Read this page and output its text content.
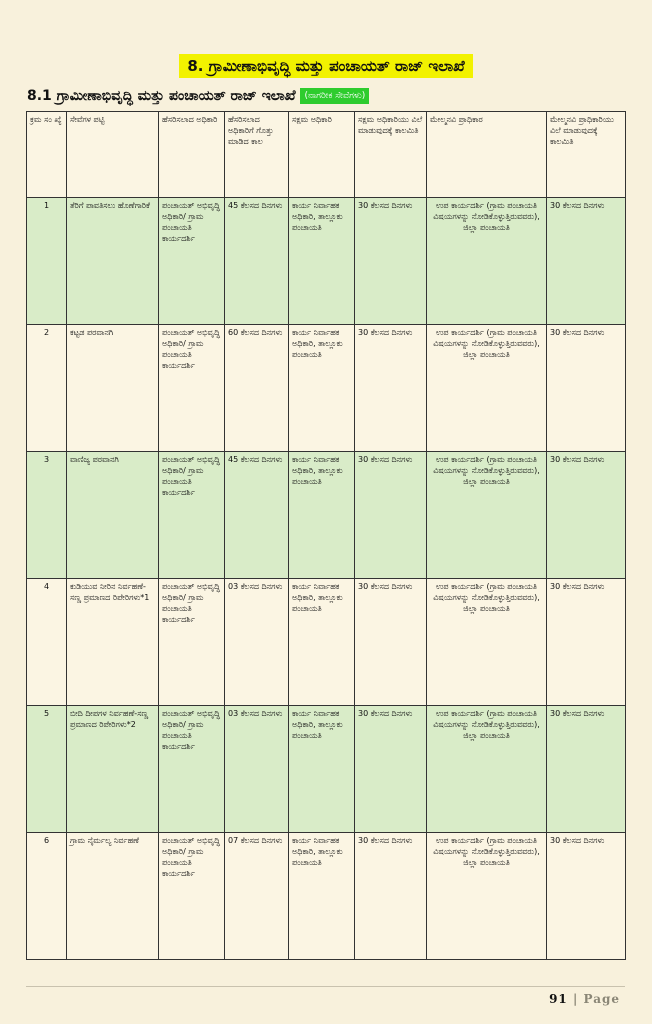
8. ಗ್ರಾಮೀಣಾಭಿವೃದ್ಧಿ ಮತ್ತು ಪಂಚಾಯತ್ ರಾಜ್ ಇಲಾಖೆ
8.1 ಗ್ರಾಮೀಣಾಭಿವೃದ್ಧಿ ಮತ್ತು ಪಂಚಾಯತ್ ರಾಜ್ ಇಲಾಖೆ (ನಾಗರೀಕ ಸೇವೆಗಳು)
ಕ್ರಮ ಸಂ ಖ್ಯೆ	ಸೇವೆಗಳ ಪಟ್ಟಿ	ಹೆಸರಿಸಲಾದ ಅಧಿಕಾರಿ	ಹೆಸರಿಸಲಾದ ಅಧಿಕಾರಿಗೆ ಗೊತ್ತು ಮಾಡಿದ ಕಾಲ	ಸಕ್ಷಮ ಅಧಿಕಾರಿ	ಸಕ್ಷಮ ಅಧಿಕಾರಿಯು ವಿಲೆ ಮಾಡುವುದಕ್ಕೆ ಕಾಲಮಿತಿ	ಮೇಲ್ಮನವಿ ಪ್ರಾಧಿಕಾರ	ಮೇಲ್ಮನವಿ ಪ್ರಾಧಿಕಾರಿಯು ವಿಲೆ ಮಾಡುವುದಕ್ಕೆ ಕಾಲಮಿತಿ
1	ತೆರಿಗೆ ಪಾವತಿಸಲು ಹೊಣೆಗಾರಿಕೆ	ಪಂಚಾಯತ್ ಅಭಿವೃದ್ಧಿ ಅಧಿಕಾರಿ/ ಗ್ರಾಮ ಪಂಚಾಯತಿ ಕಾರ್ಯದರ್ಶಿ	45 ಕೆಲಸದ ದಿನಗಳು	ಕಾರ್ಯ ನಿರ್ವಾಹಕ ಅಧಿಕಾರಿ, ತಾಲ್ಲೂಕು ಪಂಚಾಯತಿ	30 ಕೆಲಸದ ದಿನಗಳು	ಉಪ ಕಾರ್ಯದರ್ಶಿ (ಗ್ರಾಮ ಪಂಚಾಯತಿ ವಿಷಯಗಳನ್ನು ನೋಡಿಕೊಳ್ಳುತ್ತಿರುವವರು), ಜಿಲ್ಲಾ ಪಂಚಾಯತಿ	30 ಕೆಲಸದ ದಿನಗಳು
2	ಕಟ್ಟಡ ಪರವಾನಗಿ	ಪಂಚಾಯತ್ ಅಭಿವೃದ್ಧಿ ಅಧಿಕಾರಿ/ ಗ್ರಾಮ ಪಂಚಾಯತಿ ಕಾರ್ಯದರ್ಶಿ	60 ಕೆಲಸದ ದಿನಗಳು	ಕಾರ್ಯ ನಿರ್ವಾಹಕ ಅಧಿಕಾರಿ, ತಾಲ್ಲೂಕು ಪಂಚಾಯತಿ	30 ಕೆಲಸದ ದಿನಗಳು	ಉಪ ಕಾರ್ಯದರ್ಶಿ (ಗ್ರಾಮ ಪಂಚಾಯತಿ ವಿಷಯಗಳನ್ನು ನೋಡಿಕೊಳ್ಳುತ್ತಿರುವವರು), ಜಿಲ್ಲಾ ಪಂಚಾಯತಿ	30 ಕೆಲಸದ ದಿನಗಳು
3	ವಾಣಿಜ್ಯ ಪರವಾನಗಿ	ಪಂಚಾಯತ್ ಅಭಿವೃದ್ಧಿ ಅಧಿಕಾರಿ/ ಗ್ರಾಮ ಪಂಚಾಯತಿ ಕಾರ್ಯದರ್ಶಿ	45 ಕೆಲಸದ ದಿನಗಳು	ಕಾರ್ಯ ನಿರ್ವಾಹಕ ಅಧಿಕಾರಿ, ತಾಲ್ಲೂಕು ಪಂಚಾಯತಿ	30 ಕೆಲಸದ ದಿನಗಳು	ಉಪ ಕಾರ್ಯದರ್ಶಿ (ಗ್ರಾಮ ಪಂಚಾಯತಿ ವಿಷಯಗಳನ್ನು ನೋಡಿಕೊಳ್ಳುತ್ತಿರುವವರು), ಜಿಲ್ಲಾ ಪಂಚಾಯತಿ	30 ಕೆಲಸದ ದಿನಗಳು
4	ಕುಡಿಯುವ ನೀರಿನ ನಿರ್ವಹಣೆ- ಸಣ್ಣ ಪ್ರಮಾಣದ ರಿಪೇರಿಗಳು*1	ಪಂಚಾಯತ್ ಅಭಿವೃದ್ಧಿ ಅಧಿಕಾರಿ/ ಗ್ರಾಮ ಪಂಚಾಯತಿ ಕಾರ್ಯದರ್ಶಿ	03 ಕೆಲಸದ ದಿನಗಳು	ಕಾರ್ಯ ನಿರ್ವಾಹಕ ಅಧಿಕಾರಿ, ತಾಲ್ಲೂಕು ಪಂಚಾಯತಿ	30 ಕೆಲಸದ ದಿನಗಳು	ಉಪ ಕಾರ್ಯದರ್ಶಿ (ಗ್ರಾಮ ಪಂಚಾಯತಿ ವಿಷಯಗಳನ್ನು ನೋಡಿಕೊಳ್ಳುತ್ತಿರುವವರು), ಜಿಲ್ಲಾ ಪಂಚಾಯತಿ	30 ಕೆಲಸದ ದಿನಗಳು
5	ಬೀದಿ ದೀಪಗಳ ನಿರ್ವಹಣೆ-ಸಣ್ಣ ಪ್ರಮಾಣದ ರಿಪೇರಿಗಳು*2	ಪಂಚಾಯತ್ ಅಭಿವೃದ್ಧಿ ಅಧಿಕಾರಿ/ ಗ್ರಾಮ ಪಂಚಾಯತಿ ಕಾರ್ಯದರ್ಶಿ	03 ಕೆಲಸದ ದಿನಗಳು	ಕಾರ್ಯ ನಿರ್ವಾಹಕ ಅಧಿಕಾರಿ, ತಾಲ್ಲೂಕು ಪಂಚಾಯತಿ	30 ಕೆಲಸದ ದಿನಗಳು	ಉಪ ಕಾರ್ಯದರ್ಶಿ (ಗ್ರಾಮ ಪಂಚಾಯತಿ ವಿಷಯಗಳನ್ನು ನೋಡಿಕೊಳ್ಳುತ್ತಿರುವವರು), ಜಿಲ್ಲಾ ಪಂಚಾಯತಿ	30 ಕೆಲಸದ ದಿನಗಳು
6	ಗ್ರಾಮ ನೈರ್ಮಲ್ಯ ನಿರ್ವಹಣೆ	ಪಂಚಾಯತ್ ಅಭಿವೃದ್ಧಿ ಅಧಿಕಾರಿ/ ಗ್ರಾಮ ಪಂಚಾಯತಿ ಕಾರ್ಯದರ್ಶಿ	07 ಕೆಲಸದ ದಿನಗಳು	ಕಾರ್ಯ ನಿರ್ವಾಹಕ ಅಧಿಕಾರಿ, ತಾಲ್ಲೂಕು ಪಂಚಾಯತಿ	30 ಕೆಲಸದ ದಿನಗಳು	ಉಪ ಕಾರ್ಯದರ್ಶಿ (ಗ್ರಾಮ ಪಂಚಾಯತಿ ವಿಷಯಗಳನ್ನು ನೋಡಿಕೊಳ್ಳುತ್ತಿರುವವರು), ಜಿಲ್ಲಾ ಪಂಚಾಯತಿ	30 ಕೆಲಸದ ದಿನಗಳು
91 | Page
